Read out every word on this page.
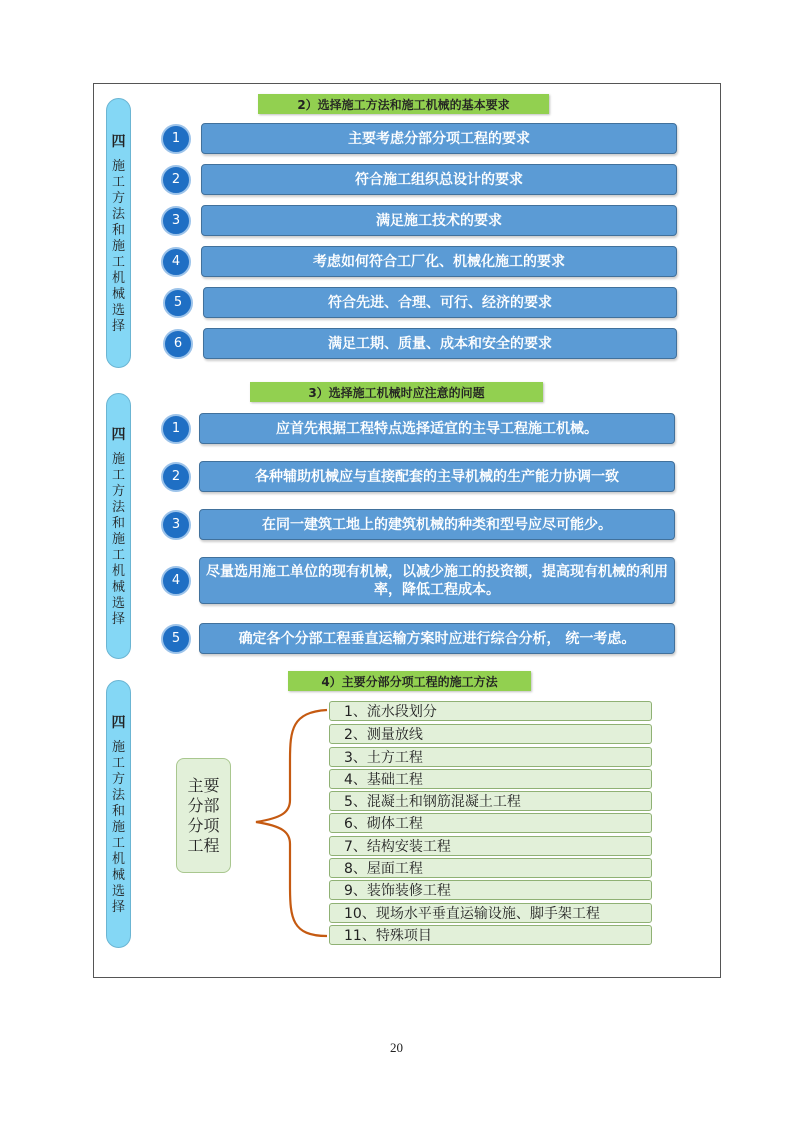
四
施
工
方
法
和
施
工
机
械
选
择
2）选择施工方法和施工机械的基本要求
1	主要考虑分部分项工程的要求
2	符合施工组织总设计的要求
3	满足施工技术的要求
4	考虑如何符合工厂化、机械化施工的要求
5	符合先进、合理、可行、经济的要求
6	满足工期、质量、成本和安全的要求
四
施
工
方
法
和
施
工
机
械
选
择
3）选择施工机械时应注意的问题
1	应首先根据工程特点选择适宜的主导工程施工机械。
2	各种辅助机械应与直接配套的主导机械的生产能力协调一致
3	在同一建筑工地上的建筑机械的种类和型号应尽可能少。
4
尽量选用施工单位的现有机械，以减少施工的投资额，提高现有机械的利用率，降低工程成本。
5	确定各个分部工程垂直运输方案时应进行综合分析， 统一考虑。
四
施
工
方
法
和
施
工
机
械
选
择
4）主要分部分项工程的施工方法
主要
分部
分项
工程
1、流水段划分
2、测量放线
3、土方工程
4、基础工程
5、混凝土和钢筋混凝土工程
6、砌体工程
7、结构安装工程
8、屋面工程
9、装饰装修工程
10、现场水平垂直运输设施、脚手架工程
11、特殊项目
20
